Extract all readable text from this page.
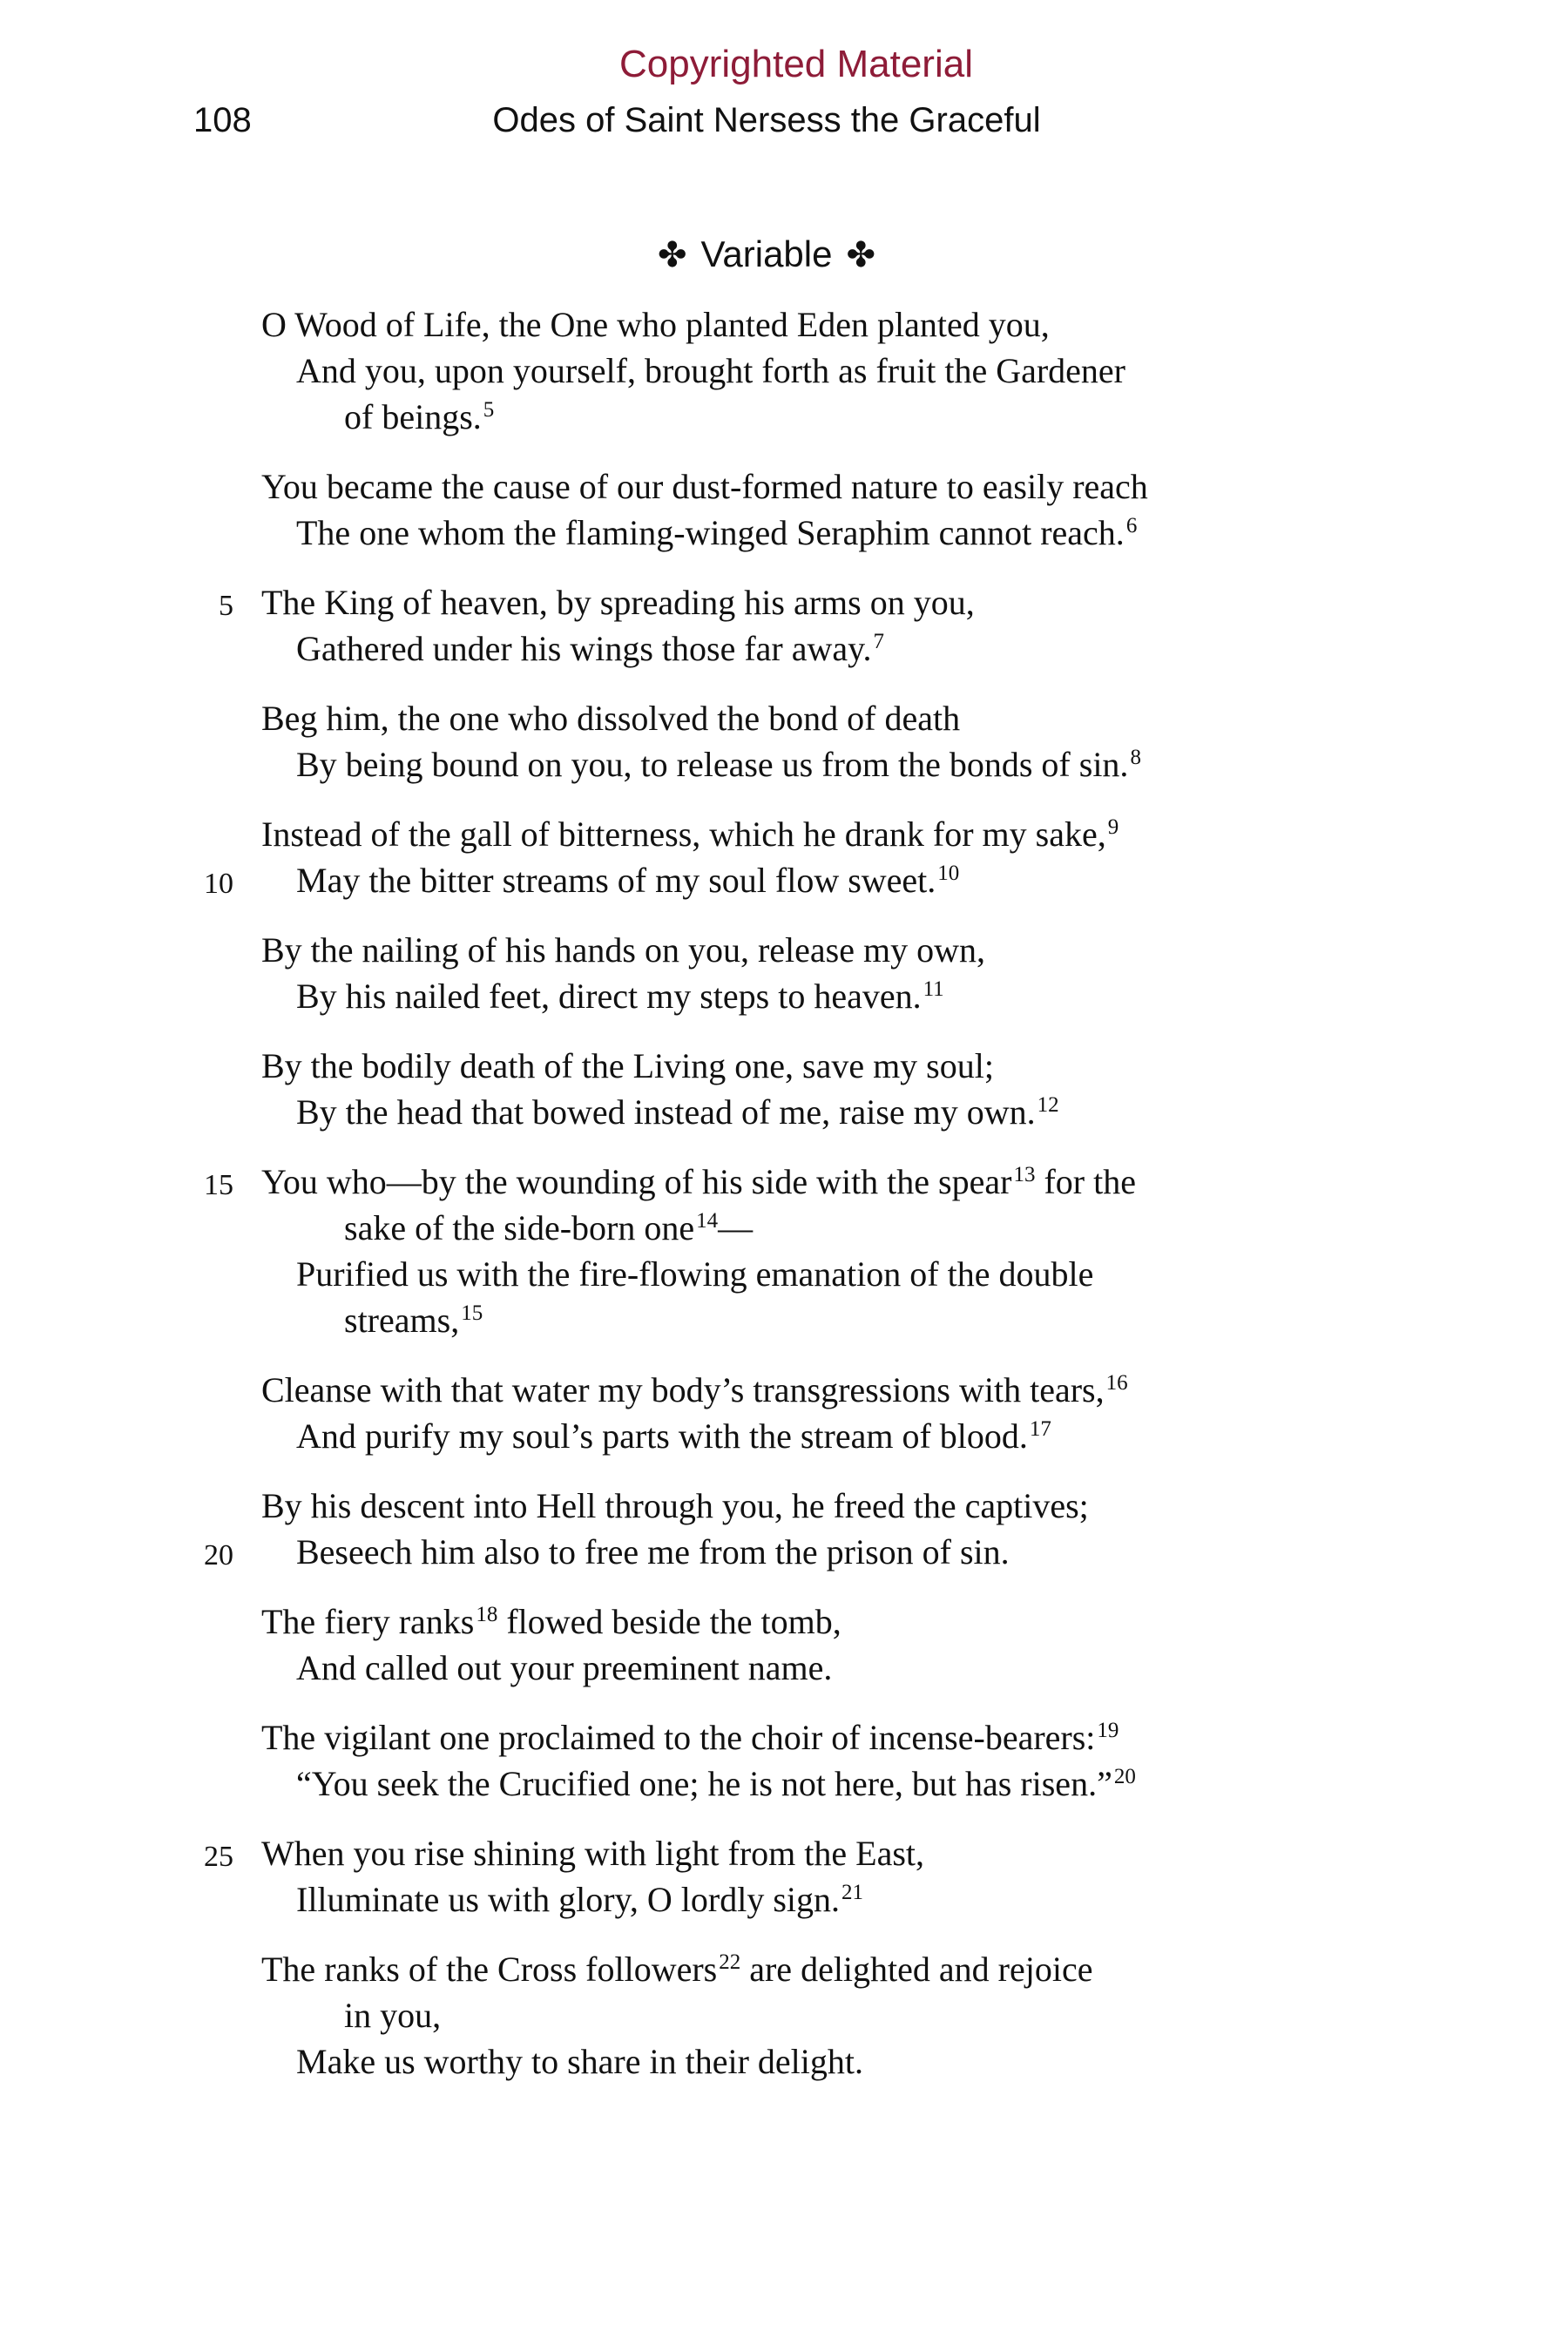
Copyrighted Material
108	Odes of Saint Nersess the Graceful
✤ Variable ✤
O Wood of Life, the One who planted Eden planted you,
And you, upon yourself, brought forth as fruit the Gardener
of beings.$^5$
You became the cause of our dust-formed nature to easily reach
The one whom the flaming-winged Seraphim cannot reach.$^6$
5 The King of heaven, by spreading his arms on you,
Gathered under his wings those far away.$^7$
Beg him, the one who dissolved the bond of death
By being bound on you, to release us from the bonds of sin.$^8$
Instead of the gall of bitterness, which he drank for my sake,$^9$
10 May the bitter streams of my soul flow sweet.$^{10}$
By the nailing of his hands on you, release my own,
By his nailed feet, direct my steps to heaven.$^{11}$
By the bodily death of the Living one, save my soul;
By the head that bowed instead of me, raise my own.$^{12}$
15 You who—by the wounding of his side with the spear$^{13}$ for the
sake of the side-born one$^{14}$—
Purified us with the fire-flowing emanation of the double
streams,$^{15}$
Cleanse with that water my body’s transgressions with tears,$^{16}$
And purify my soul’s parts with the stream of blood.$^{17}$
By his descent into Hell through you, he freed the captives;
20 Beseech him also to free me from the prison of sin.
The fiery ranks$^{18}$ flowed beside the tomb,
And called out your preeminent name.
The vigilant one proclaimed to the choir of incense-bearers:$^{19}$
“You seek the Crucified one; he is not here, but has risen.”$^{20}$
25 When you rise shining with light from the East,
Illuminate us with glory, O lordly sign.$^{21}$
The ranks of the Cross followers$^{22}$ are delighted and rejoice
in you,
Make us worthy to share in their delight.
